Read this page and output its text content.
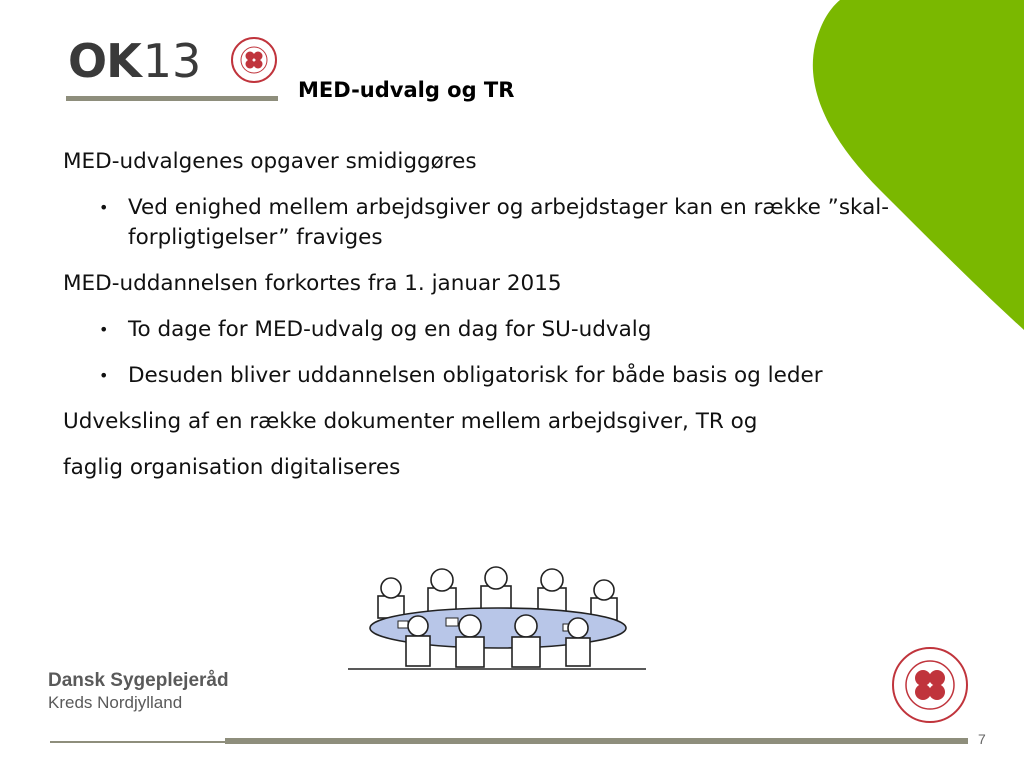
OK 13
MED-udvalg og TR

MED-udvalgenes opgaver smidiggøres

• Ved enighed mellem arbejdsgiver og arbejdstager kan en række ”skal-forpligtigelser” fraviges

MED-uddannelsen forkortes fra 1. januar 2015

• To dage for MED-udvalg og en dag for SU-udvalg
• Desuden bliver uddannelsen obligatorisk for både basis og leder

Udveksling af en række dokumenter mellem arbejdsgiver, TR og

faglig organisation digitaliseres

Dansk Sygeplejeråd
Kreds Nordjylland
7
